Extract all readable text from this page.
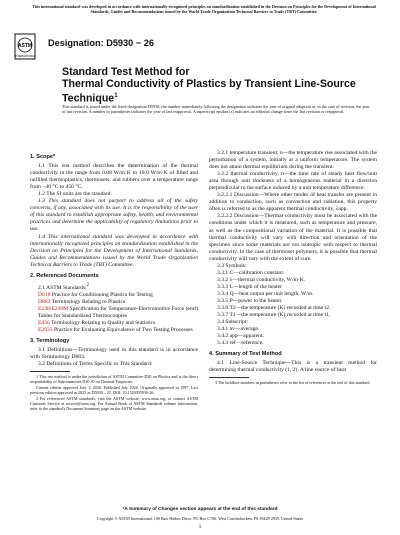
This international standard was developed in accordance with internationally recognized principles on standardization established in the Decision on Principles for the Development of International Standards, Guides and Recommendations issued by the World Trade Organization Technical Barriers to Trade (TBT) Committee.
ASTM
INTERNATIONAL
Designation: D5930 − 26
Standard Test Method for
Thermal Conductivity of Plastics by Transient Line-Source Technique$^1$
This standard is issued under the fixed designation D5930; the number immediately following the designation indicates the year of original adoption or, in the case of revision, the year of last revision. A number in parentheses indicates the year of last reapproval. A superscript epsilon (ε) indicates an editorial change since the last revision or reapproval.

1. Scope*

1.1 This test method describes the determination of the thermal conductivity in the range from 0.08 W/m·K to 10.0 W/m·K of filled and unfilled thermoplastics, thermosets, and rubbers over a temperature range from −40 °C to 450 °C.

1.2 The SI units are the standard.

1.3 This standard does not purport to address all of the safety concerns, if any, associated with its use. It is the responsibility of the user of this standard to establish appropriate safety, health, and environmental practices and determine the applicability of regulatory limitations prior to use.

1.4 This international standard was developed in accordance with internationally recognized principles on standardization established in the Decision on Principles for the Development of International Standards, Guides and Recommendations issued by the World Trade Organization Technical Barriers to Trade (TBT) Committee.

2. Referenced Documents

2.1 ASTM Standards:$^2$

D618 Practice for Conditioning Plastics for Testing

D883 Terminology Relating to Plastics

E230/E230M Specification for Temperature-Electromotive Force (emf) Tables for Standardized Thermocouples

E456 Terminology Relating to Quality and Statistics

E2935 Practice for Evaluating Equivalence of Two Testing Processes

3. Terminology

3.1 Definitions—Terminology used in this standard is in accordance with Terminology D883.

3.2 Definitions of Terms Specific to This Standard:

1 This test method is under the jurisdiction of ASTM Committee D20 on Plastics and is the direct responsibility of Subcommittee D20.30 on Thermal Properties.

Current edition approved July 1, 2026. Published July 2026. Originally approved in 1997. Last previous edition approved in 2025 as D5930 – 25. DOI: 10.1520/D5930-26.

2 For referenced ASTM standards, visit the ASTM website, www.astm.org, or contact ASTM Customer Service at service@astm.org. For Annual Book of ASTM Standards volume information, refer to the standard's Document Summary page on the ASTM website.

3.2.1 temperature transient, n—the temperature rise associated with the perturbation of a system, initially at a uniform temperature. The system does not attain thermal equilibrium during the transient.

3.2.2 thermal conductivity, n—the time rate of steady heat flow/unit area through unit thickness of a homogeneous material in a direction perpendicular to the surface induced by a unit temperature difference.

3.2.2.1 Discussion—Where other modes of heat transfer are present in addition to conduction, such as convection and radiation, this property often is referred to as the apparent thermal conductivity, λapp.

3.2.2.2 Discussion—Thermal conductivity must be associated with the conditions under which it is measured, such as temperature and pressure, as well as the compositional variation of the material. It is possible that thermal conductivity will vary with direction and orientation of the specimen since some materials are not isotropic with respect to thermal conductivity. In the case of thermoset polymers, it is possible that thermal conductivity will vary with the extent of cure.

3.3 Symbols:

3.3.1 C—calibration constant.

3.3.2 λ—thermal conductivity, W/m·K.

3.3.3 L—length of the heater

3.3.4 Q—heat output per unit length, W/m.

3.3.5 P—power to the heater.

3.3.6 T2—the temperature (K) recorded at time t2.

3.3.7 T1—the temperature (K) recorded at time t1.

3.4 Subscript:

3.4.1 av—average.

3.4.2 app—apparent.

3.4.3 ref—reference.

4. Summary of Test Method

4.1 Line-Source Technique—This is a transient method for determining thermal conductivity (1, 2). A line source of heat

3 The boldface numbers in parentheses refer to the list of references at the end of this standard.

*A Summary of Changes section appears at the end of this standard
Copyright © ASTM International, 100 Barr Harbor Drive, PO Box C700, West Conshohocken, PA 19428-2959. United States
1
